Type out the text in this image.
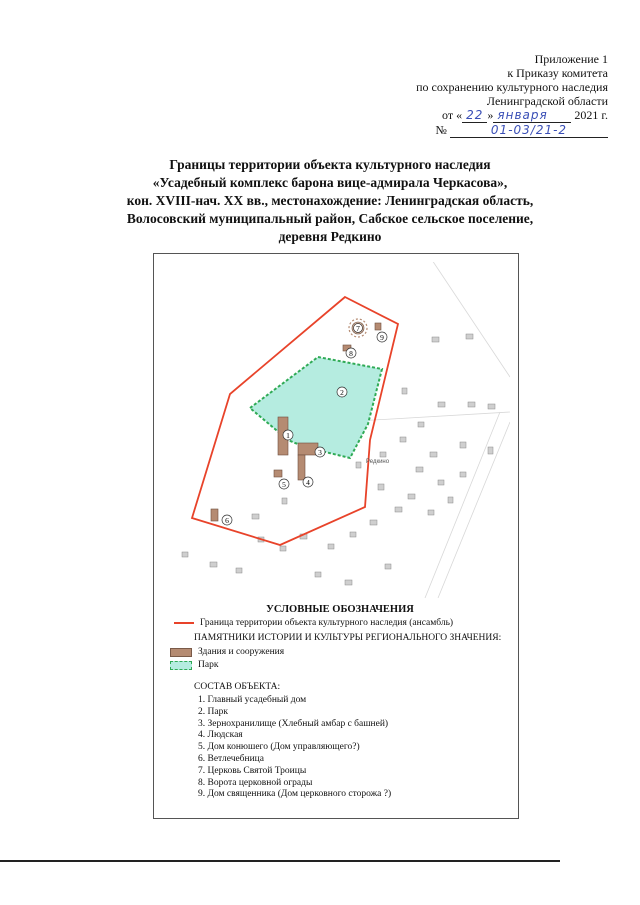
Приложение 1
к Приказу комитета
по сохранению культурного наследия
Ленинградской области
от « 22 » января 2021 г.
№	01-03/21-2
Границы территории объекта культурного наследия
«Усадебный комплекс барона вице-адмирала Черкасова»,
кон. XVIII-нач. XX вв., местонахождение: Ленинградская область,
Волосовский муниципальный район, Сабское сельское поселение,
деревня Редкино
1
2
3
4
5
6
7
8
9
Редкино
УСЛОВНЫЕ ОБОЗНАЧЕНИЯ
Граница территории объекта культурного наследия (ансамбль)
ПАМЯТНИКИ ИСТОРИИ И КУЛЬТУРЫ РЕГИОНАЛЬНОГО ЗНАЧЕНИЯ:
Здания и сооружения
Парк
СОСТАВ ОБЪЕКТА:
1. Главный усадебный дом
2. Парк
3. Зернохранилище (Хлебный амбар с башней)
4. Людская
5. Дом конюшего (Дом управляющего?)
6. Ветлечебница
7. Церковь Святой Троицы
8. Ворота церковной ограды
9. Дом священника (Дом церковного сторожа ?)
